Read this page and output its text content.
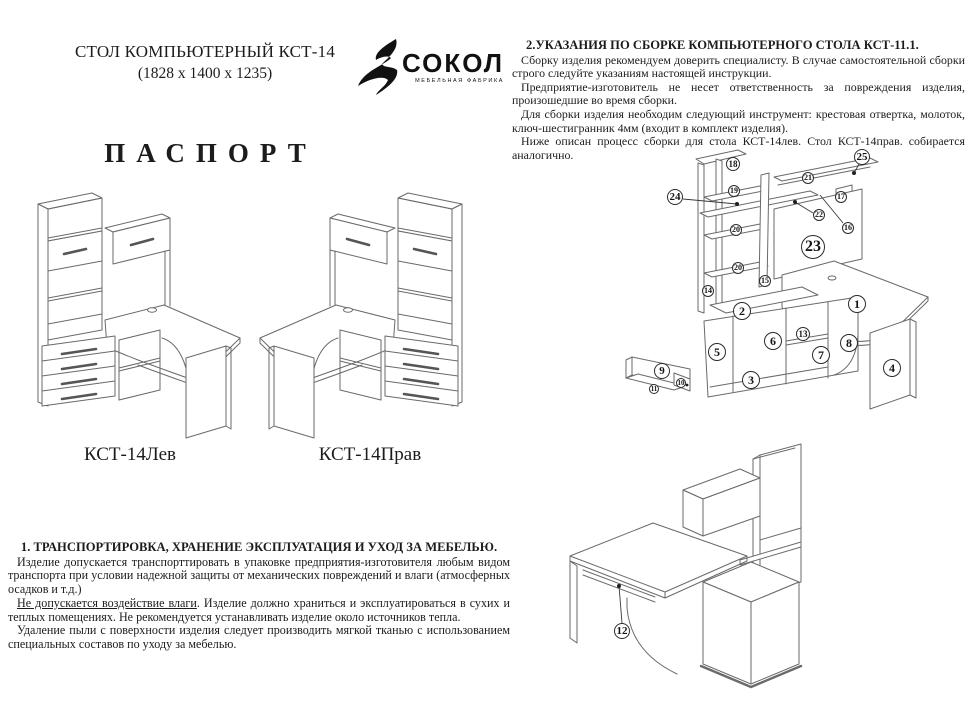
СТОЛ КОМПЬЮТЕРНЫЙ КСТ-14
(1828 х 1400 х 1235)	СОКОЛ
МЕБЕЛЬНАЯ ФАБРИКА
ПАСПОРТ
КСТ-14Лев	КСТ-14Прав
1. ТРАНСПОРТИРОВКА, ХРАНЕНИЕ ЭКСПЛУАТАЦИЯ И УХОД ЗА МЕБЕЛЬЮ.

Изделие допускается транспорттировать в упаковке предприятия-изготовителя любым видом транспорта при условии надежной защиты от механических повреждений и влаги (атмосферных осадков и т.д.)

Не допускается воздействие влаги. Изделие должно храниться и эксплуатироваться в сухих и теплых помещениях. Не рекомендуется устанавливать изделие около источников тепла.

Удаление пыли с поверхности изделия следует производить мягкой тканью с использованием специальных составов по уходу за мебелью.

2.УКАЗАНИЯ ПО СБОРКЕ КОМПЬЮТЕРНОГО СТОЛА КСТ-11.1.

Сборку изделия рекомендуем доверить специалисту. В случае самостоятельной сборки строго следуйте указаниям настоящей инструкции.

Предприятие-изготовитель не несет ответственность за повреждения изделия, произошедшие во время сборки.

Для сборки изделия необходим следующий инструмент: крестовая отвертка, молоток, ключ-шестигранник 4мм (входит в комплект изделия).

Ниже описан процесс сборки для стола КСТ-14лев. Стол КСТ-14прав. собирается аналогично.

18
25
21
24	19
17
22
16
23
20
20
15
14
2	1
5
6
13
8
7
3
4
9
11
10
12
